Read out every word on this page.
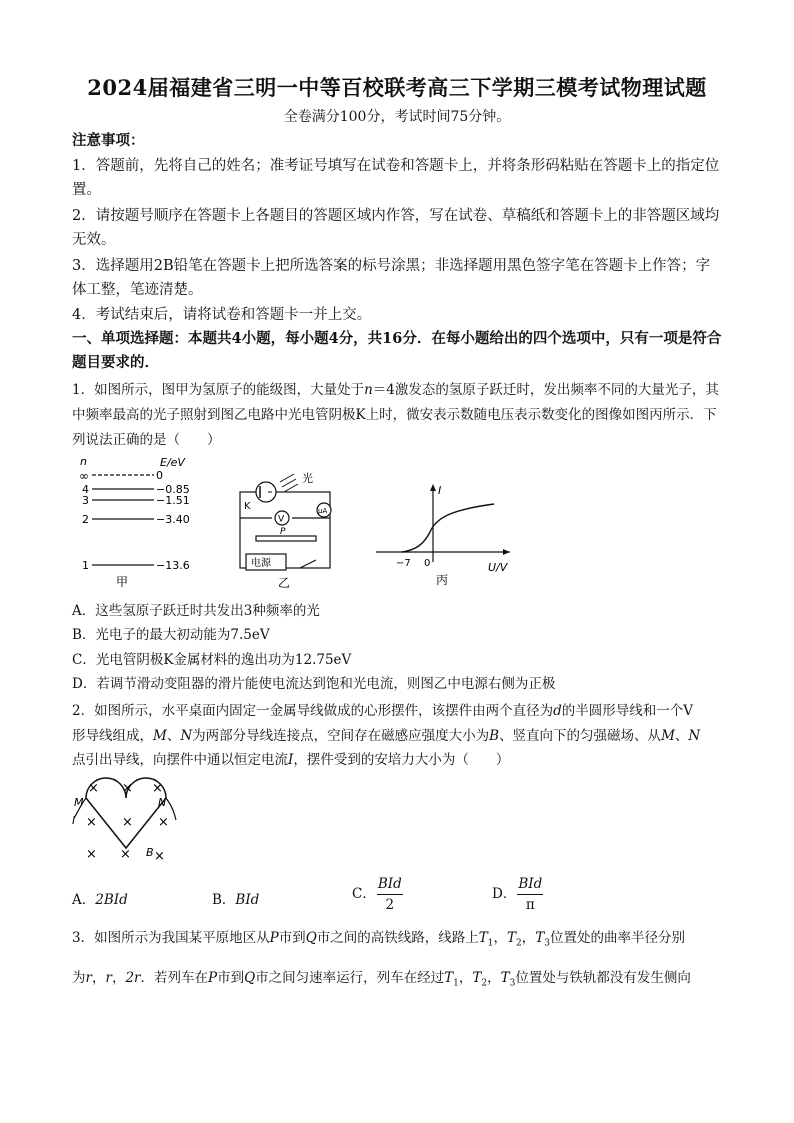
2024届福建省三明一中等百校联考高三下学期三模考试物理试题
全卷满分100分，考试时间75分钟。
注意事项：
1．答题前，先将自己的姓名；准考证号填写在试卷和答题卡上，并将条形码粘贴在答题卡上的指定位置。
2．请按题号顺序在答题卡上各题目的答题区域内作答，写在试卷、草稿纸和答题卡上的非答题区域均无效。
3．选择题用2B铅笔在答题卡上把所选答案的标号涂黑；非选择题用黑色签字笔在答题卡上作答；字体工整，笔迹清楚。
4．考试结束后，请将试卷和答题卡一并上交。
一、单项选择题：本题共4小题，每小题4分，共16分．在每小题给出的四个选项中，只有一项是符合题目要求的．
1．如图所示，图甲为氢原子的能级图，大量处于n＝4激发态的氢原子跃迁时，发出频率不同的大量光子，其中频率最高的光子照射到图乙电路中光电管阴极K上时，微安表示数随电压表示数变化的图像如图丙所示．下列说法正确的是（　　）
n	E/eV
∞	0
4	−0.85
3	−1.51
2	−3.40
1	−13.6
甲
光
K
V
μA
P
电源
乙
I
−7 0	U/V
丙
A．这些氢原子跃迁时共发出3种频率的光
B．光电子的最大初动能为7.5eV
C．光电管阴极K金属材料的逸出功为12.75eV
D．若调节滑动变阻器的滑片能使电流达到饱和光电流，则图乙中电源右侧为正极
2．如图所示，水平桌面内固定一金属导线做成的心形摆件，该摆件由两个直径为d的半圆形导线和一个V
形导线组成，M、N为两部分导线连接点，空间存在磁感应强度大小为B、竖直向下的匀强磁场、从M、N
点引出导线，向摆件中通以恒定电流I，摆件受到的安培力大小为（　　）
M	N
I
B
× × ×
× × ×
× × ×
A．2BId	B．BId	C． $\frac{\text{BId}}{2}$	D． $\frac{\text{BId}}{\pi}$
3．如图所示为我国某平原地区从P市到Q市之间的高铁线路，线路上$T_1$，$T_2$，$T_3$位置处的曲率半径分别
为r，r，2r．若列车在P市到Q市之间匀速率运行，列车在经过$T_1$，$T_2$，$T_3$位置处与铁轨都没有发生侧向
